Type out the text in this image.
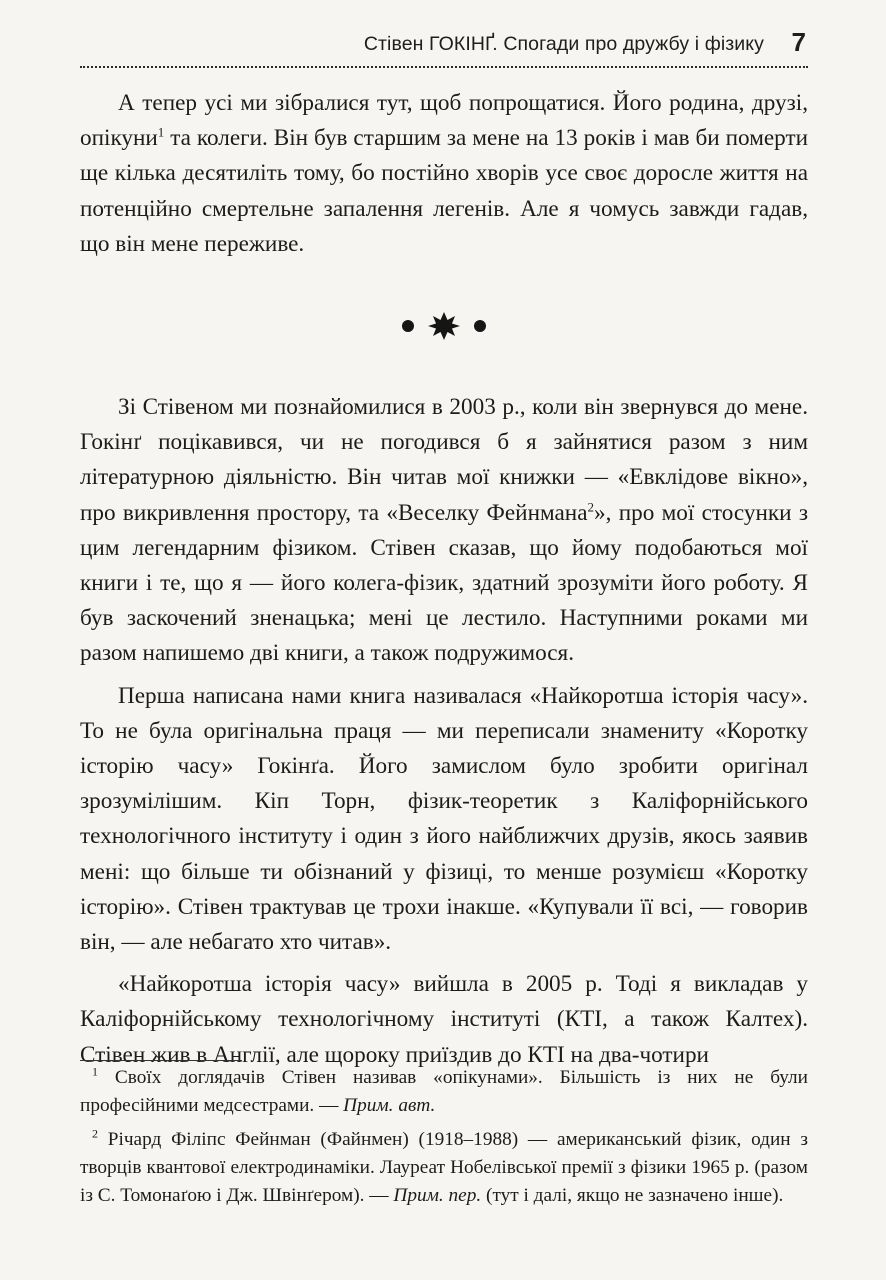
Стівен ГОКІНҐ. Спогади про дружбу і фізику 7

А тепер усі ми зібралися тут, щоб попрощатися. Його родина, друзі, опікуни$^1$ та колеги. Він був старшим за мене на 13 років і мав би померти ще кілька десятиліть тому, бо постійно хворів усе своє доросле життя на потенційно смертельне запалення легенів. Але я чомусь завжди гадав, що він мене переживе.

Зі Стівеном ми познайомилися в 2003 р., коли він звернувся до мене. Гокінґ поцікавився, чи не погодився б я зайнятися разом з ним літературною діяльністю. Він читав мої книжки — «Евклідове вікно», про викривлення простору, та «Веселку Фейнмана$^2$», про мої стосунки з цим легендарним фізиком. Стівен сказав, що йому подобаються мої книги і те, що я — його колега-фізик, здатний зрозуміти його роботу. Я був заскочений зненацька; мені це лестило. Наступними роками ми разом напишемо дві книги, а також подружимося.

Перша написана нами книга називалася «Найкоротша історія часу». То не була оригінальна праця — ми переписали знамениту «Коротку історію часу» Гокінґа. Його замислом було зробити оригінал зрозумілішим. Кіп Торн, фізик-теоретик з Каліфорнійського технологічного інституту і один з його найближчих друзів, якось заявив мені: що більше ти обізнаний у фізиці, то менше розумієш «Коротку історію». Стівен трактував це трохи інакше. «Купували її всі, — говорив він, — але небагато хто читав».

«Найкоротша історія часу» вийшла в 2005 р. Тоді я викладав у Каліфорнійському технологічному інституті (КТІ, а також Калтех). Стівен жив в Англії, але щороку приїздив до КТІ на два-чотири

$^1$ Своїх доглядачів Стівен називав «опікунами». Більшість із них не були професійними медсестрами. — Прим. авт.

$^2$ Річард Філіпс Фейнман (Файнмен) (1918–1988) — американський фізик, один з творців квантової електродинаміки. Лауреат Нобелівської премії з фізики 1965 р. (разом із С. Томонаґою і Дж. Швінґером). — Прим. пер. (тут і далі, якщо не зазначено інше).
